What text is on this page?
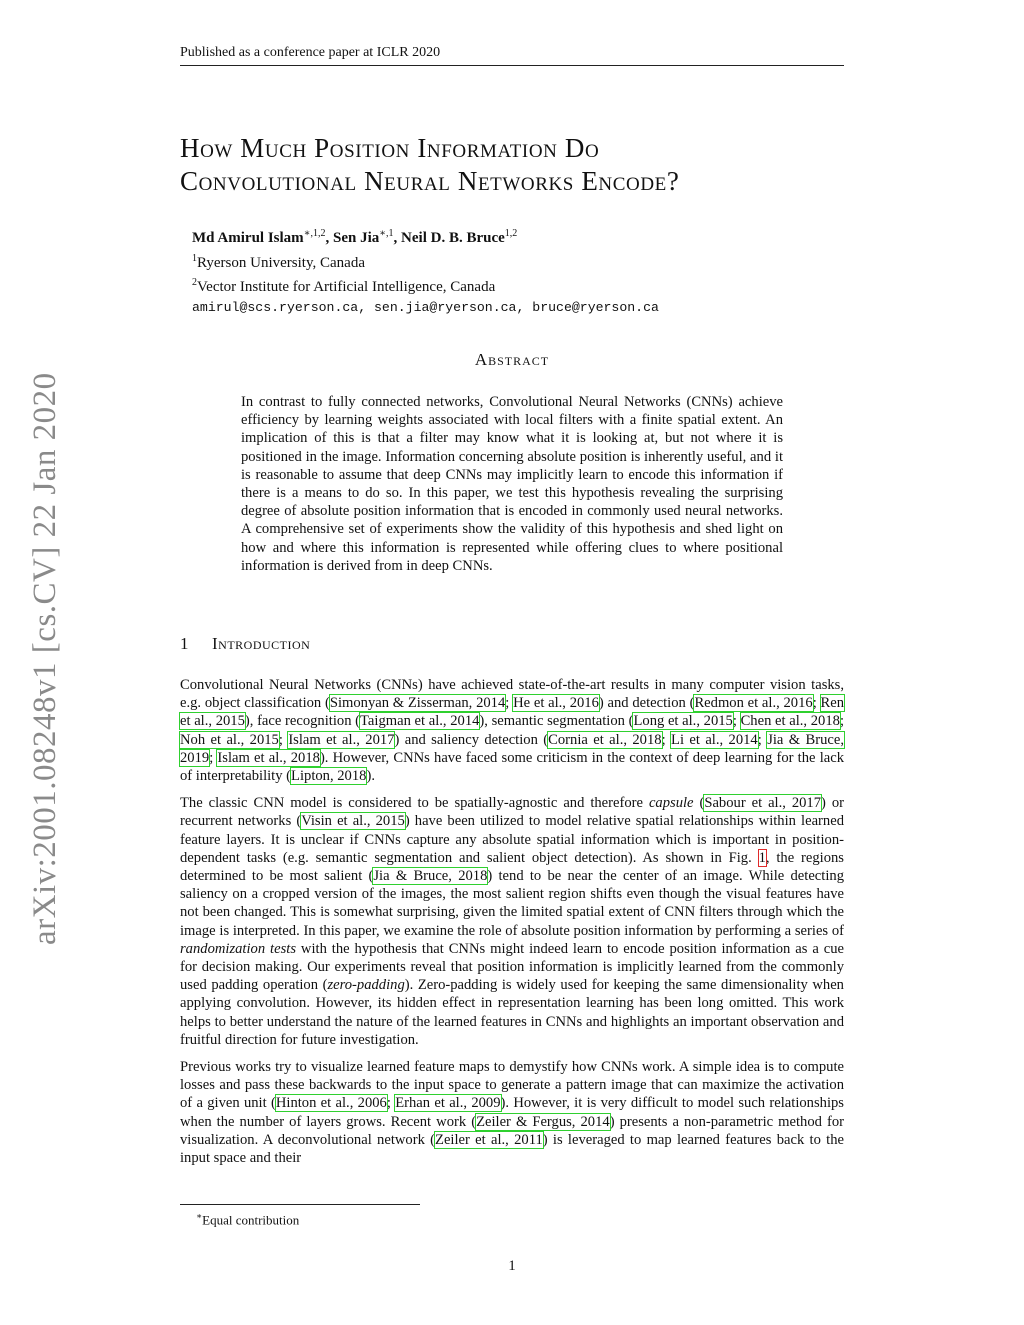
Published as a conference paper at ICLR 2020
How Much Position Information Do
Convolutional Neural Networks Encode?
Md Amirul Islam$^{∗,1,2}$, Sen Jia$^{∗,1}$, Neil D. B. Bruce$^{1,2}$
$^1$Ryerson University, Canada
$^2$Vector Institute for Artificial Intelligence, Canada
amirul@scs.ryerson.ca, sen.jia@ryerson.ca, bruce@ryerson.ca
Abstract
In contrast to fully connected networks, Convolutional Neural Networks (CNNs) achieve efficiency by learning weights associated with local filters with a finite spatial extent. An implication of this is that a filter may know what it is looking at, but not where it is positioned in the image. Information concerning absolute position is inherently useful, and it is reasonable to assume that deep CNNs may implicitly learn to encode this information if there is a means to do so. In this paper, we test this hypothesis revealing the surprising degree of absolute position information that is encoded in commonly used neural networks. A comprehensive set of experiments show the validity of this hypothesis and shed light on how and where this information is represented while offering clues to where positional information is derived from in deep CNNs.
1 Introduction

Convolutional Neural Networks (CNNs) have achieved state-of-the-art results in many computer vision tasks, e.g. object classification (Simonyan & Zisserman, 2014; He et al., 2016) and detection (Redmon et al., 2016; Ren et al., 2015), face recognition (Taigman et al., 2014), semantic segmentation (Long et al., 2015; Chen et al., 2018; Noh et al., 2015; Islam et al., 2017) and saliency detection (Cornia et al., 2018; Li et al., 2014; Jia & Bruce, 2019; Islam et al., 2018). However, CNNs have faced some criticism in the context of deep learning for the lack of interpretability (Lipton, 2018).

The classic CNN model is considered to be spatially-agnostic and therefore capsule (Sabour et al., 2017) or recurrent networks (Visin et al., 2015) have been utilized to model relative spatial relationships within learned feature layers. It is unclear if CNNs capture any absolute spatial information which is important in position-dependent tasks (e.g. semantic segmentation and salient object detection). As shown in Fig. 1, the regions determined to be most salient (Jia & Bruce, 2018) tend to be near the center of an image. While detecting saliency on a cropped version of the images, the most salient region shifts even though the visual features have not been changed. This is somewhat surprising, given the limited spatial extent of CNN filters through which the image is interpreted. In this paper, we examine the role of absolute position information by performing a series of randomization tests with the hypothesis that CNNs might indeed learn to encode position information as a cue for decision making. Our experiments reveal that position information is implicitly learned from the commonly used padding operation (zero-padding). Zero-padding is widely used for keeping the same dimensionality when applying convolution. However, its hidden effect in representation learning has been long omitted. This work helps to better understand the nature of the learned features in CNNs and highlights an important observation and fruitful direction for future investigation.

Previous works try to visualize learned feature maps to demystify how CNNs work. A simple idea is to compute losses and pass these backwards to the input space to generate a pattern image that can maximize the activation of a given unit (Hinton et al., 2006; Erhan et al., 2009). However, it is very difficult to model such relationships when the number of layers grows. Recent work (Zeiler & Fergus, 2014) presents a non-parametric method for visualization. A deconvolutional network (Zeiler et al., 2011) is leveraged to map learned features back to the input space and their

∗Equal contribution
1
arXiv:2001.08248v1 [cs.CV] 22 Jan 2020
